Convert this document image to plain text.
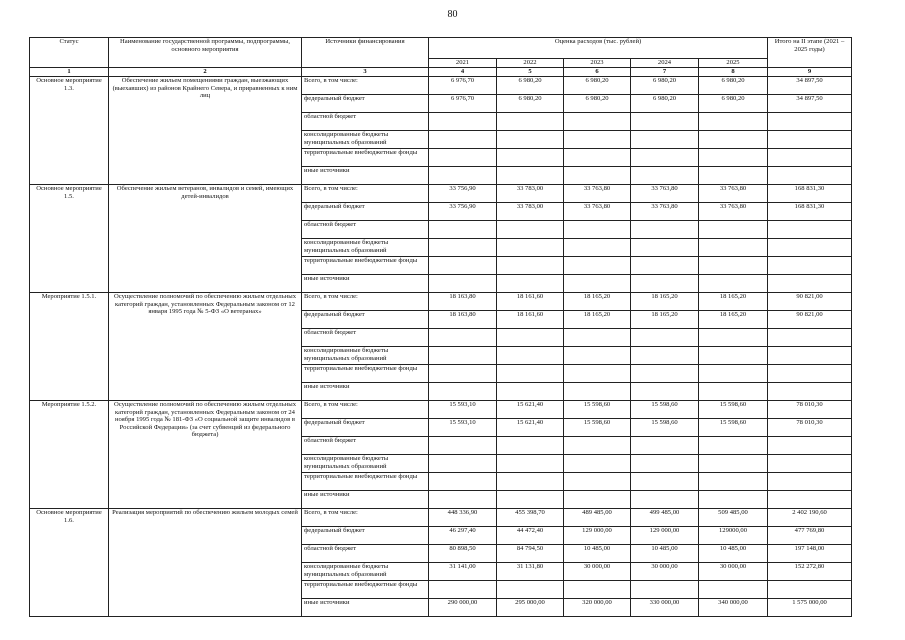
80
Статус	Наименование государственной программы, подпрограммы, основного мероприятия	Источники финансирования	Оценка расходов (тыс. рублей)					Итого на II этапе (2021 – 2025 годы)
			2021	2022	2023	2024	2025	
1	2	3	4	5	6	7	8	9
Основное мероприятие 1.3.	Обеспечение жильем помещениями граждан, выезжающих (выехавших) из районов Крайнего Севера, и приравненных к ним лиц	Всего, в том числе:	6 976,70	6 980,20	6 980,20	6 980,20	6 980,20	34 897,50
		федеральный бюджет	6 976,70	6 980,20	6 980,20	6 980,20	6 980,20	34 897,50
		областной бюджет						
		консолидированные бюджеты муниципальных образований						
		территориальные внебюджетные фонды						
		иные источники						
Основное мероприятие 1.5.	Обеспечение жильем ветеранов, инвалидов и семей, имеющих детей-инвалидов	Всего, в том числе:	33 756,90	33 783,00	33 763,80	33 763,80	33 763,80	168 831,30
		федеральный бюджет	33 756,90	33 783,00	33 763,80	33 763,80	33 763,80	168 831,30
		областной бюджет						
		консолидированные бюджеты муниципальных образований						
		территориальные внебюджетные фонды						
		иные источники						
Мероприятие 1.5.1.	Осуществление полномочий по обеспечению жильем отдельных категорий граждан, установленных Федеральным законом от 12 января 1995 года № 5-ФЗ «О ветеранах»	Всего, в том числе:	18 163,80	18 161,60	18 165,20	18 165,20	18 165,20	90 821,00
		федеральный бюджет	18 163,80	18 161,60	18 165,20	18 165,20	18 165,20	90 821,00
		областной бюджет						
		консолидированные бюджеты муниципальных образований						
		территориальные внебюджетные фонды						
		иные источники						
Мероприятие 1.5.2.	Осуществление полномочий по обеспечению жильем отдельных категорий граждан, установленных Федеральным законом от 24 ноября 1995 года № 181-ФЗ «О социальной защите инвалидов в Российской Федерации» (за счет субвенций из федерального бюджета)	Всего, в том числе:	15 593,10	15 621,40	15 598,60	15 598,60	15 598,60	78 010,30
		федеральный бюджет	15 593,10	15 621,40	15 598,60	15 598,60	15 598,60	78 010,30
		областной бюджет						
		консолидированные бюджеты муниципальных образований						
		территориальные внебюджетные фонды						
		иные источники						
Основное мероприятие 1.6.	Реализация мероприятий по обеспечению жильем молодых семей	Всего, в том числе:	448 336,90	455 398,70	489 485,00	499 485,00	509 485,00	2 402 190,60
		федеральный бюджет	46 297,40	44 472,40	129 000,00	129 000,00	129000,00	477 769,80
		областной бюджет	80 898,50	84 794,50	10 485,00	10 485,00	10 485,00	197 148,00
		консолидированные бюджеты муниципальных образований	31 141,00	31 131,80	30 000,00	30 000,00	30 000,00	152 272,80
		территориальные внебюджетные фонды						
		иные источники	290 000,00	295 000,00	320 000,00	330 000,00	340 000,00	1 575 000,00
